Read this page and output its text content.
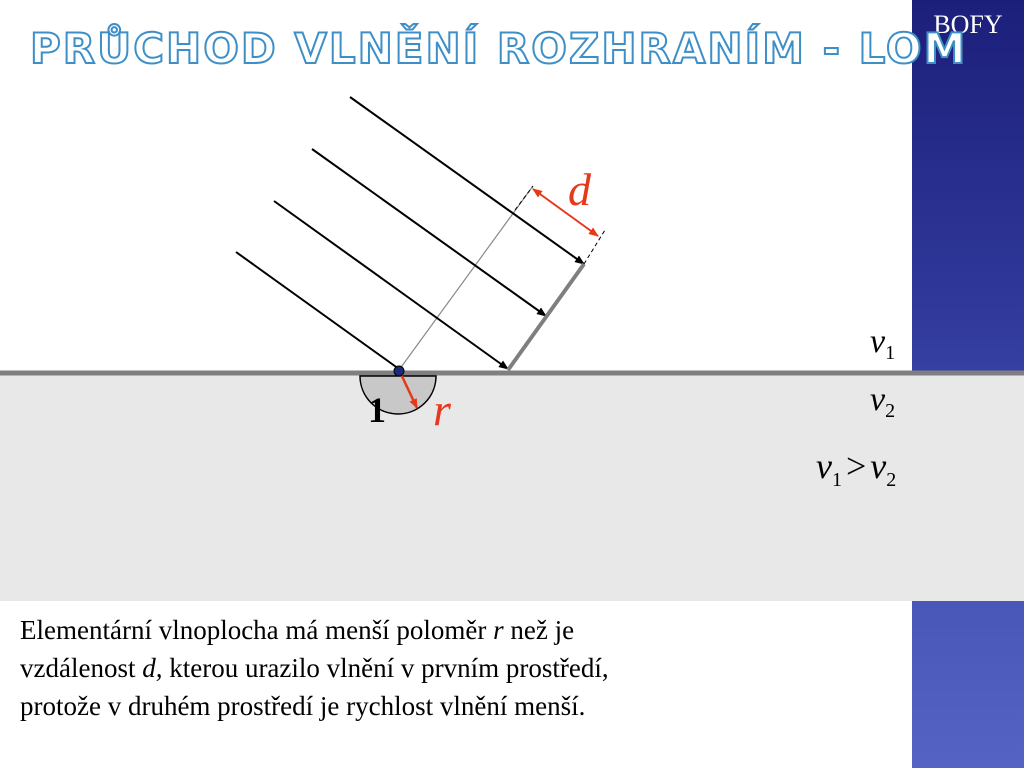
BOFY
PRŮCHOD VLNĚNÍ ROZHRANÍM - LOM
d
r
1
$v_1$
$v_2$
$v_1 > v_2$
Elementární vlnoplocha má menší poloměr r než je
vzdálenost d, kterou urazilo vlnění v prvním prostředí,
protože v druhém prostředí je rychlost vlnění menší.
